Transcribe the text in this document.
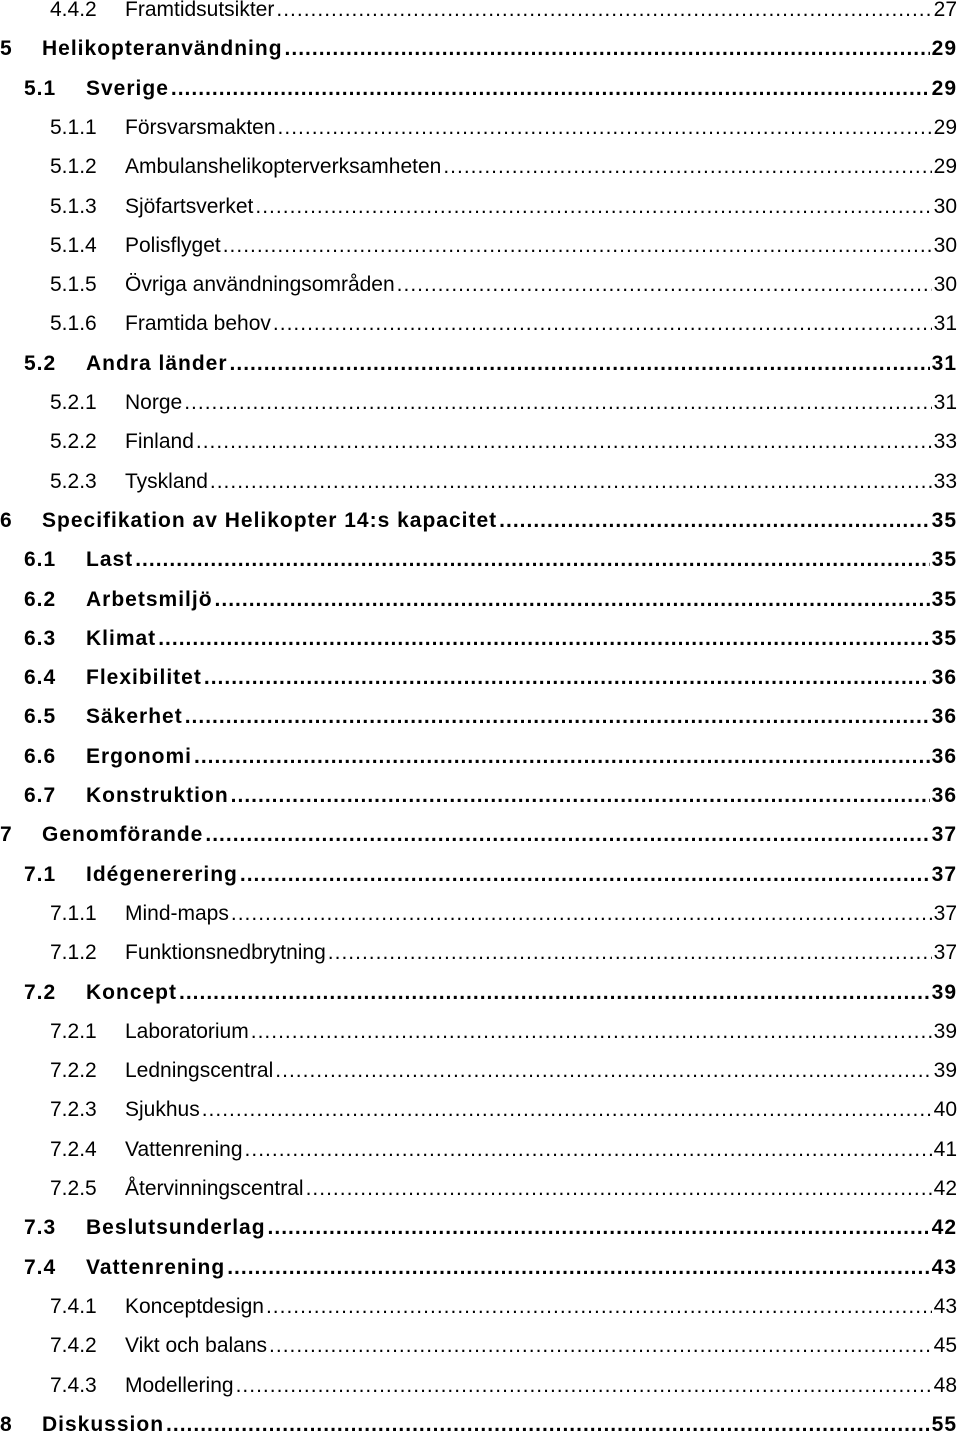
4.4.2	Framtidsutsikter .....	27
5	Helikopteranvändning .....	29
5.1	Sverige .....	29
5.1.1	Försvarsmakten .....	29
5.1.2	Ambulanshelikopterverksamheten .....	29
5.1.3	Sjöfartsverket .....	30
5.1.4	Polisflyget .....	30
5.1.5	Övriga användningsområden .....	30
5.1.6	Framtida behov .....	31
5.2	Andra länder .....	31
5.2.1	Norge .....	31
5.2.2	Finland .....	33
5.2.3	Tyskland .....	33
6	Specifikation av Helikopter 14:s kapacitet .....	35
6.1	Last .....	35
6.2	Arbetsmiljö .....	35
6.3	Klimat .....	35
6.4	Flexibilitet .....	36
6.5	Säkerhet .....	36
6.6	Ergonomi .....	36
6.7	Konstruktion .....	36
7	Genomförande .....	37
7.1	Idégenerering .....	37
7.1.1	Mind-maps .....	37
7.1.2	Funktionsnedbrytning .....	37
7.2	Koncept .....	39
7.2.1	Laboratorium .....	39
7.2.2	Ledningscentral .....	39
7.2.3	Sjukhus .....	40
7.2.4	Vattenrening .....	41
7.2.5	Återvinningscentral .....	42
7.3	Beslutsunderlag .....	42
7.4	Vattenrening .....	43
7.4.1	Konceptdesign .....	43
7.4.2	Vikt och balans .....	45
7.4.3	Modellering .....	48
8	Diskussion .....	55
